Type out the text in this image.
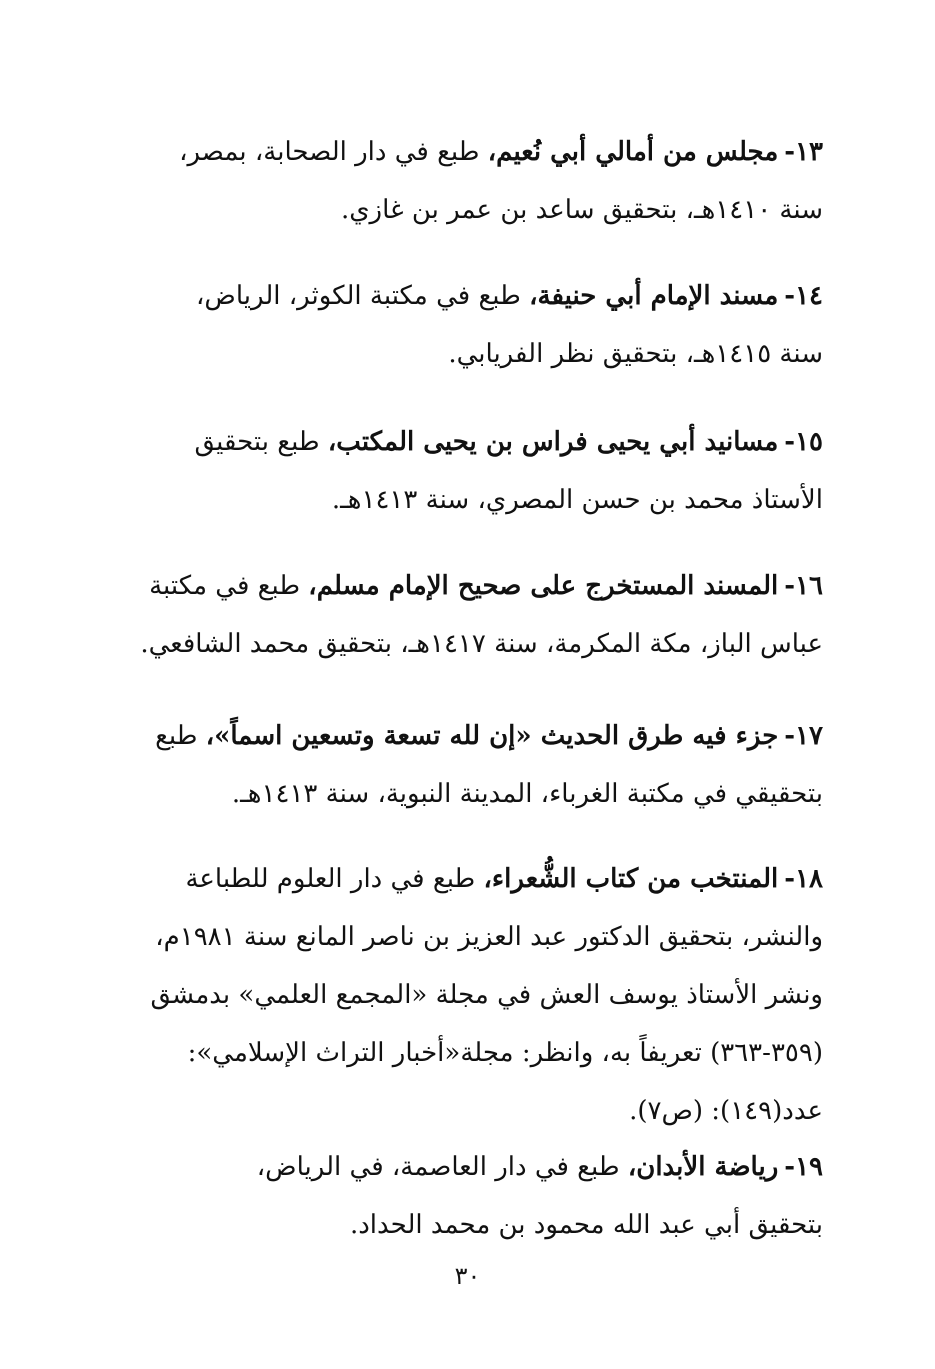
١٣-مجلس من أمالي أبي نُعيم، طبع في دار الصحابة، بمصر،
سنة ١٤١٠هـ، بتحقيق ساعد بن عمر بن غازي.
١٤-مسند الإمام أبي حنيفة، طبع في مكتبة الكوثر، الرياض،
سنة ١٤١٥هـ، بتحقيق نظر الفريابي.
١٥-مسانيد أبي يحيى فراس بن يحيى المكتب، طبع بتحقيق
الأستاذ محمد بن حسن المصري، سنة ١٤١٣هـ.
١٦-المسند المستخرج على صحيح الإمام مسلم، طبع في مكتبة
عباس الباز، مكة المكرمة، سنة ١٤١٧هـ، بتحقيق محمد الشافعي.
١٧-جزء فيه طرق الحديث «إن لله تسعة وتسعين اسماً»، طبع
بتحقيقي في مكتبة الغرباء، المدينة النبوية، سنة ١٤١٣هـ.
١٨-المنتخب من كتاب الشُّعراء، طبع في دار العلوم للطباعة
والنشر، بتحقيق الدكتور عبد العزيز بن ناصر المانع سنة ١٩٨١م،
ونشر الأستاذ يوسف العش في مجلة «المجمع العلمي» بدمشق
(٣٥٩-٣٦٣) تعريفاً به، وانظر: مجلة«أخبار التراث الإسلامي»:
عدد(١٤٩): (ص٧).
١٩-رياضة الأبدان، طبع في دار العاصمة، في الرياض،
بتحقيق أبي عبد الله محمود بن محمد الحداد.
٣٠
